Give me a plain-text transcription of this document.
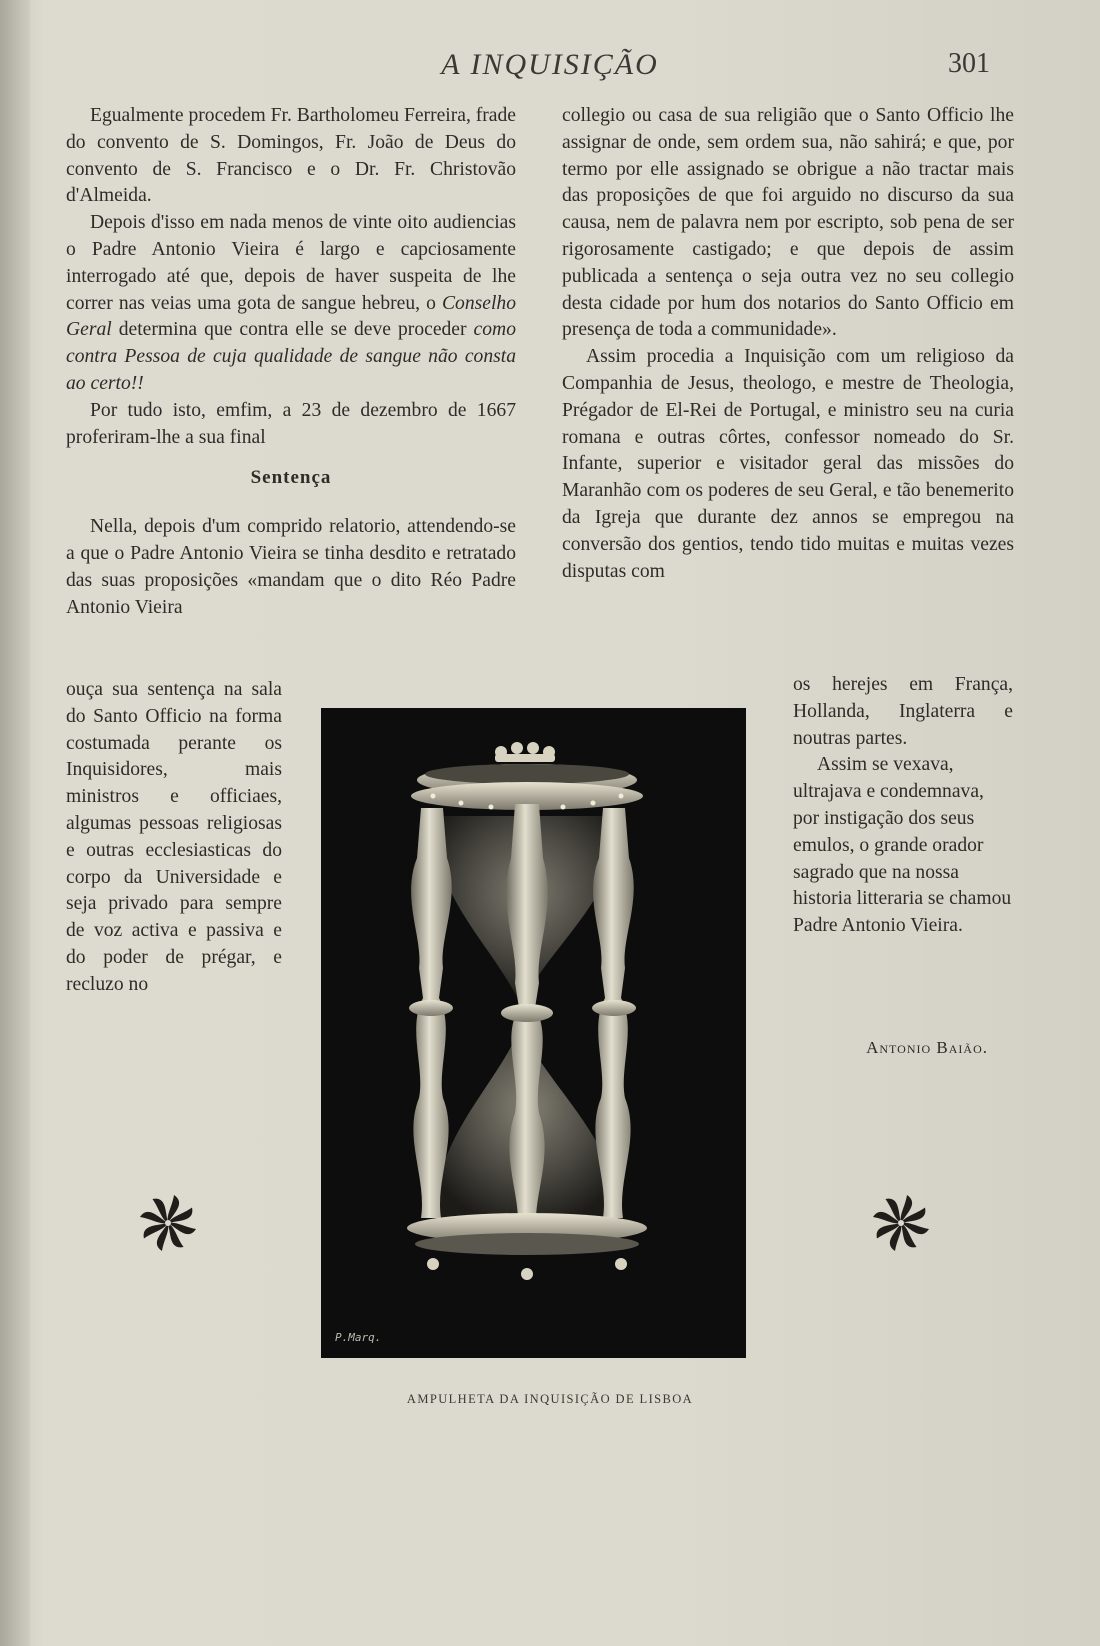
A INQUISIÇÃO	301

Egualmente procedem Fr. Bartholomeu Ferreira, frade do convento de S. Domingos, Fr. João de Deus do convento de S. Francisco e o Dr. Fr. Christovão d'Almeida.

Depois d'isso em nada menos de vinte oito audiencias o Padre Antonio Vieira é largo e capciosamente interrogado até que, depois de haver suspeita de lhe correr nas veias uma gota de sangue hebreu, o Conselho Geral determina que contra elle se deve proceder como contra Pessoa de cuja qualidade de sangue não consta ao certo!!

Por tudo isto, emfim, a 23 de dezembro de 1667 proferiram-lhe a sua final

Sentença

Nella, depois d'um comprido relatorio, attendendo-se a que o Padre Antonio Vieira se tinha desdito e retratado das suas proposições «mandam que o dito Réo Padre Antonio Vieira

ouça sua sentença na sala do Santo Officio na forma costumada perante os Inquisidores, mais ministros e officiaes, algumas pessoas religiosas e outras ecclesiasticas do corpo da Universidade e seja privado para sempre de voz activa e passiva e do poder de prégar, e recluzo no

collegio ou casa de sua religião que o Santo Officio lhe assignar de onde, sem ordem sua, não sahirá; e que, por termo por elle assignado se obrigue a não tractar mais das proposições de que foi arguido no discurso da sua causa, nem de palavra nem por escripto, sob pena de ser rigorosamente castigado; e que depois de assim publicada a sentença o seja outra vez no seu collegio desta cidade por hum dos notarios do Santo Officio em presença de toda a communidade».

Assim procedia a Inquisição com um religioso da Companhia de Jesus, theologo, e mestre de Theologia, Prégador de El-Rei de Portugal, e ministro seu na curia romana e outras côrtes, confessor nomeado do Sr. Infante, superior e visitador geral das missões do Maranhão com os poderes de seu Geral, e tão benemerito da Igreja que durante dez annos se empregou na conversão dos gentios, tendo tido muitas e muitas vezes disputas com

os herejes em França, Hollanda, Inglaterra e noutras partes.

Assim se vexava, ultrajava e condemnava, por instigação dos seus emulos, o grande orador sagrado que na nossa historia litteraria se chamou Padre Antonio Vieira.

Antonio Baião.
P.Marq.
AMPULHETA DA INQUISIÇÃO DE LISBOA
